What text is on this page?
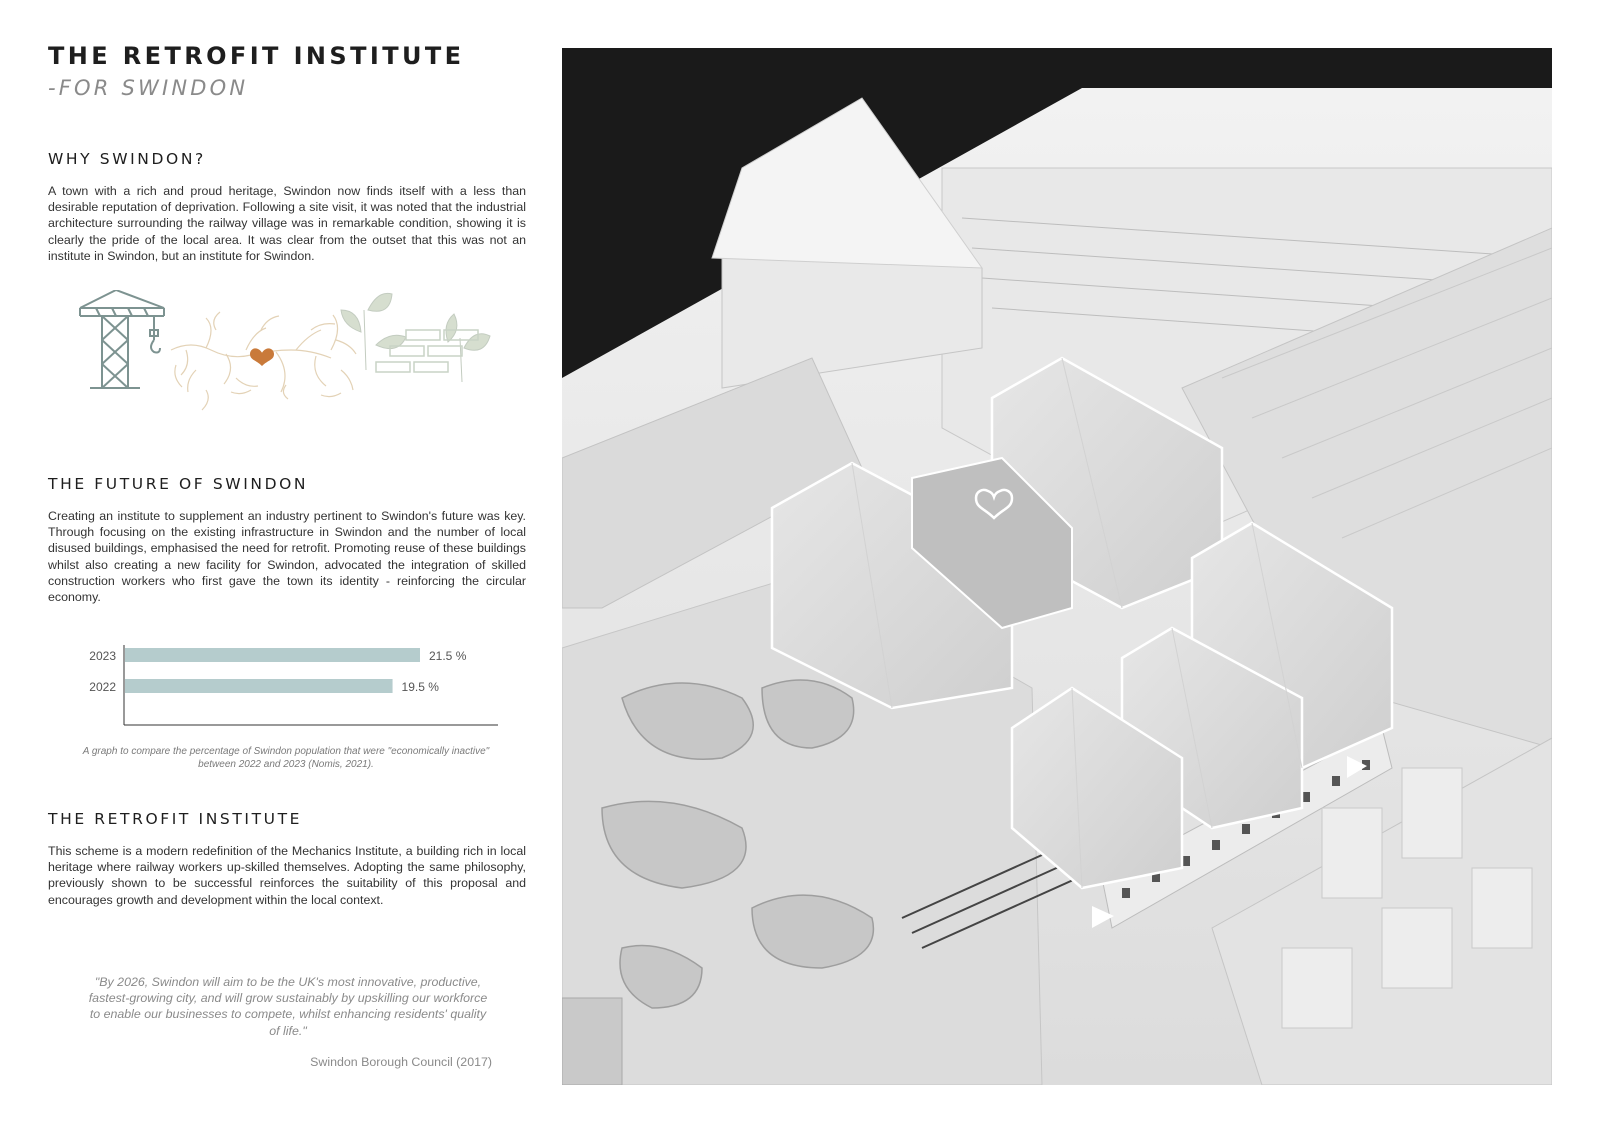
THE RETROFIT INSTITUTE
-FOR SWINDON
WHY SWINDON?

A town with a rich and proud heritage, Swindon now finds itself with a less than desirable reputation of deprivation. Following a site visit, it was noted that the industrial architecture surrounding the railway village was in remarkable condition, showing it is clearly the pride of the local area. It was clear from the outset that this was not an institute in Swindon, but an institute for Swindon.

THE FUTURE OF SWINDON

Creating an institute to supplement an industry pertinent to Swindon's future was key. Through focusing on the existing infrastructure in Swindon and the number of local disused buildings, emphasised the need for retrofit. Promoting reuse of these buildings whilst also creating a new facility for Swindon, advocated the integration of skilled construction workers who first gave the town its identity - reinforcing the circular economy.

2023	21.5 %
2022	19.5 %
A graph to compare the percentage of Swindon population that were "economically inactive" between 2022 and 2023 (Nomis, 2021).
THE RETROFIT INSTITUTE

This scheme is a modern redefinition of the Mechanics Institute, a building rich in local heritage where railway workers up-skilled themselves. Adopting the same philosophy, previously shown to be successful reinforces the suitability of this proposal and encourages growth and development within the local context.

"By 2026, Swindon will aim to be the UK's most innovative, productive, fastest-growing city, and will grow sustainably by upskilling our workforce to enable our businesses to compete, whilst enhancing residents' quality of life."
Swindon Borough Council (2017)
